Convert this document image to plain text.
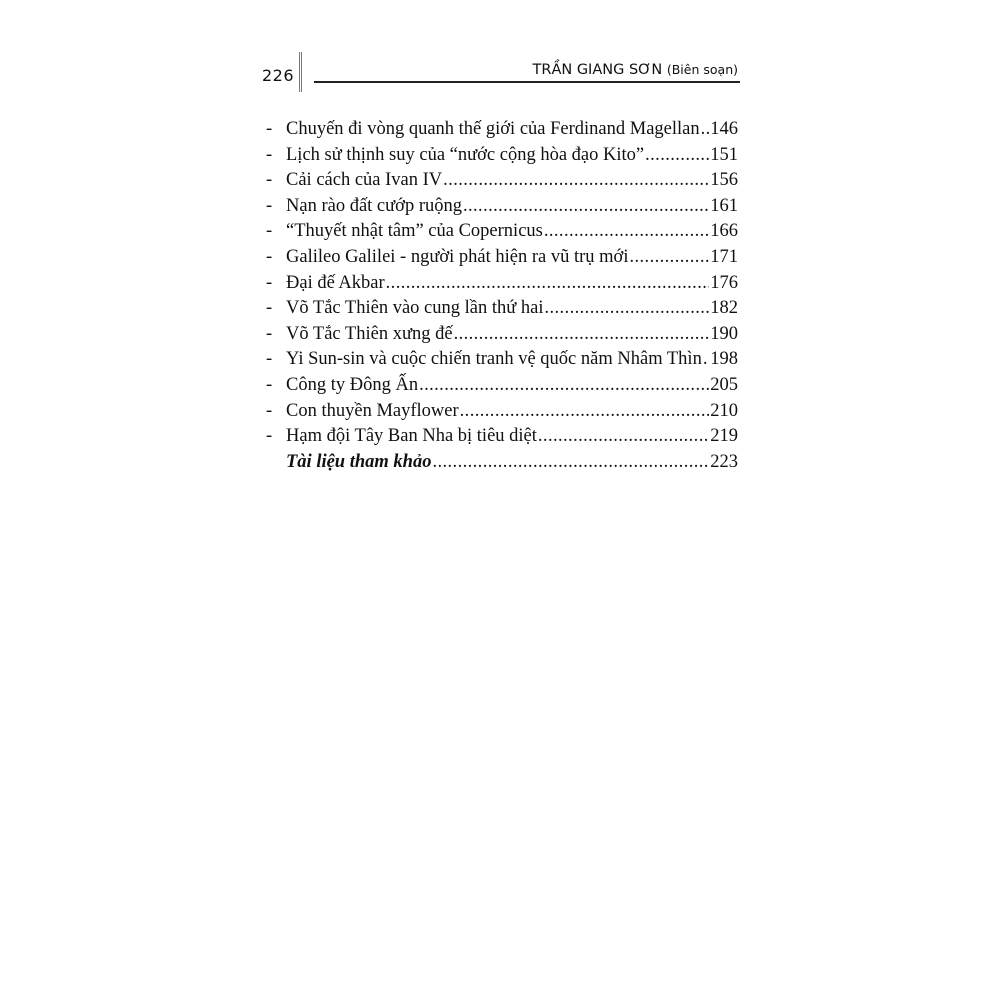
226	TRẦN GIANG SƠN (Biên soạn)
- Chuyến đi vòng quanh thế giới của Ferdinand Magellan ..... 146
- Lịch sử thịnh suy của “nước cộng hòa đạo Kito” .....	151
- Cải cách của Ivan IV .....	156
- Nạn rào đất cướp ruộng .....	161
- “Thuyết nhật tâm” của Copernicus .....	166
- Galileo Galilei - người phát hiện ra vũ trụ mới .....	171
- Đại đế Akbar .....	176
- Võ Tắc Thiên vào cung lần thứ hai .....	182
- Võ Tắc Thiên xưng đế .....	190
- Yi Sun-sin và cuộc chiến tranh vệ quốc năm Nhâm Thìn ..... 198
- Công ty Đông Ấn .....	205
- Con thuyền Mayflower .....	210
- Hạm đội Tây Ban Nha bị tiêu diệt .....	219
Tài liệu tham khảo .....	223
